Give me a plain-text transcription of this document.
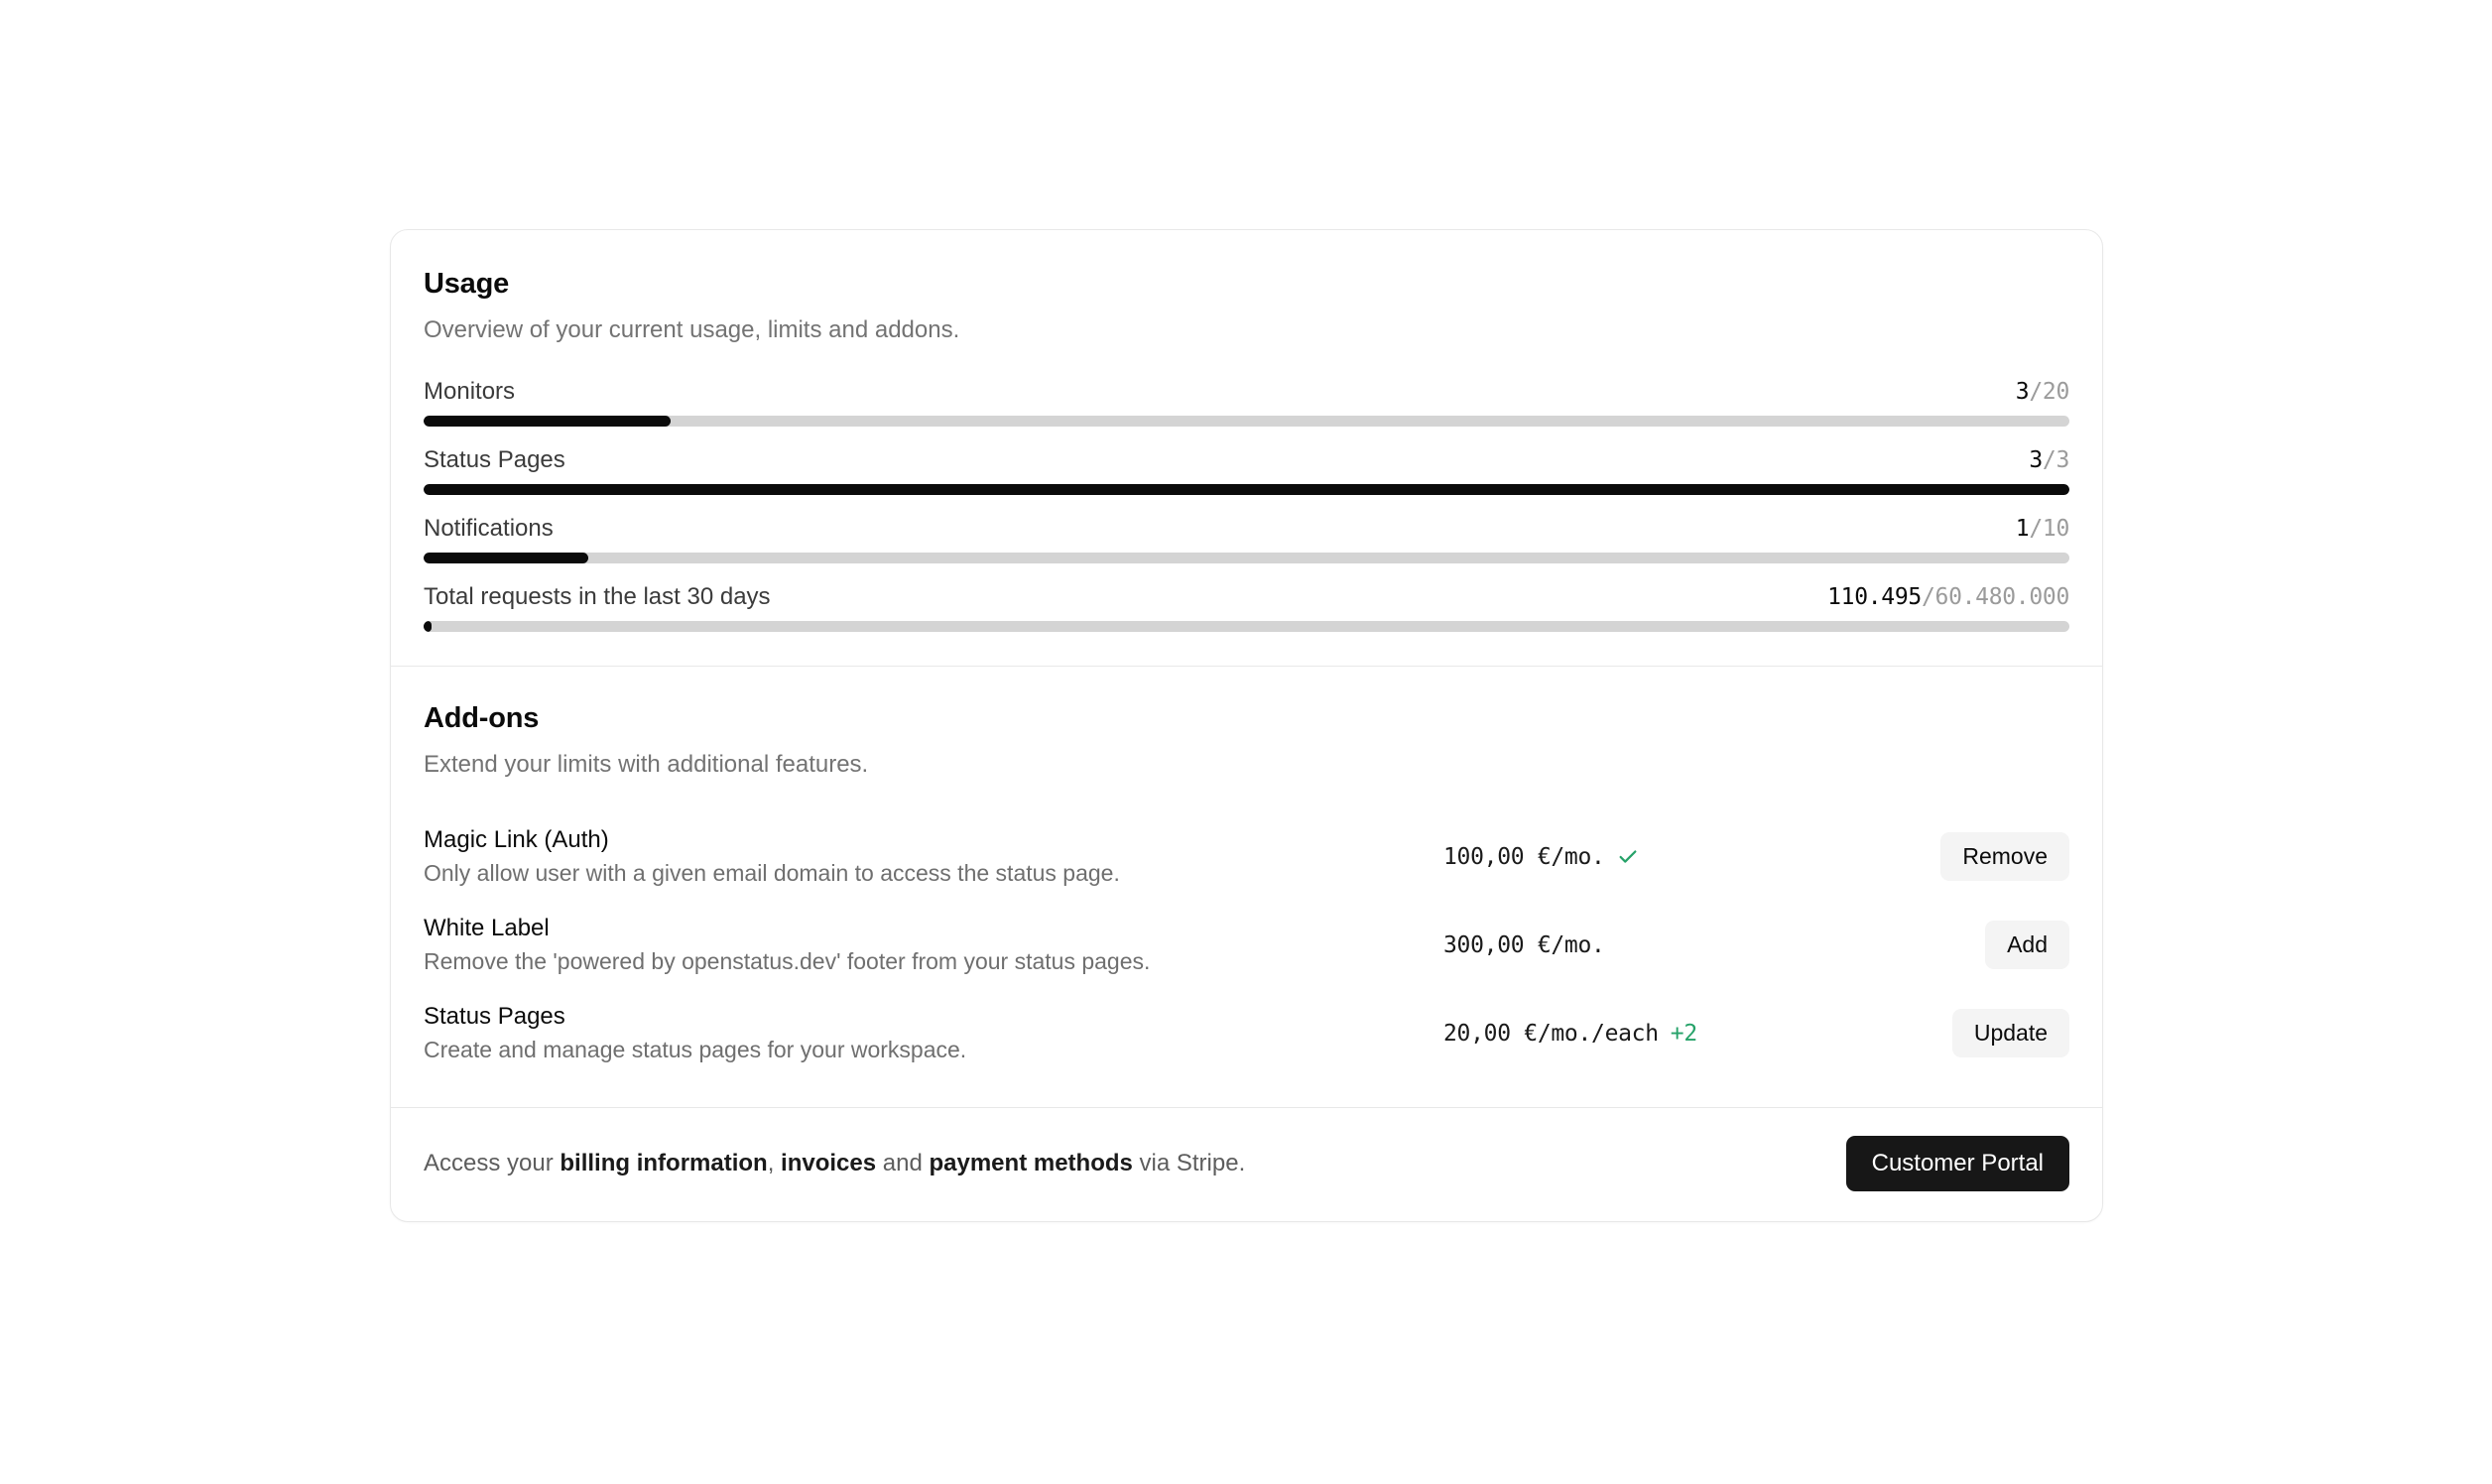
Usage

Overview of your current usage, limits and addons.

Monitors	3/20
Status Pages	3/3
Notifications	1/10
Total requests in the last 30 days	110.495/60.480.000
Add-ons

Extend your limits with additional features.

Magic Link (Auth)
Only allow user with a given email domain to access the status page.
100,00 €/mo.	Remove
White Label
Remove the 'powered by openstatus.dev' footer from your status pages.
300,00 €/mo.	Add
Status Pages
Create and manage status pages for your workspace.
20,00 €/mo./each +2	Update
Access your billing information, invoices and payment methods via Stripe.	Customer Portal
